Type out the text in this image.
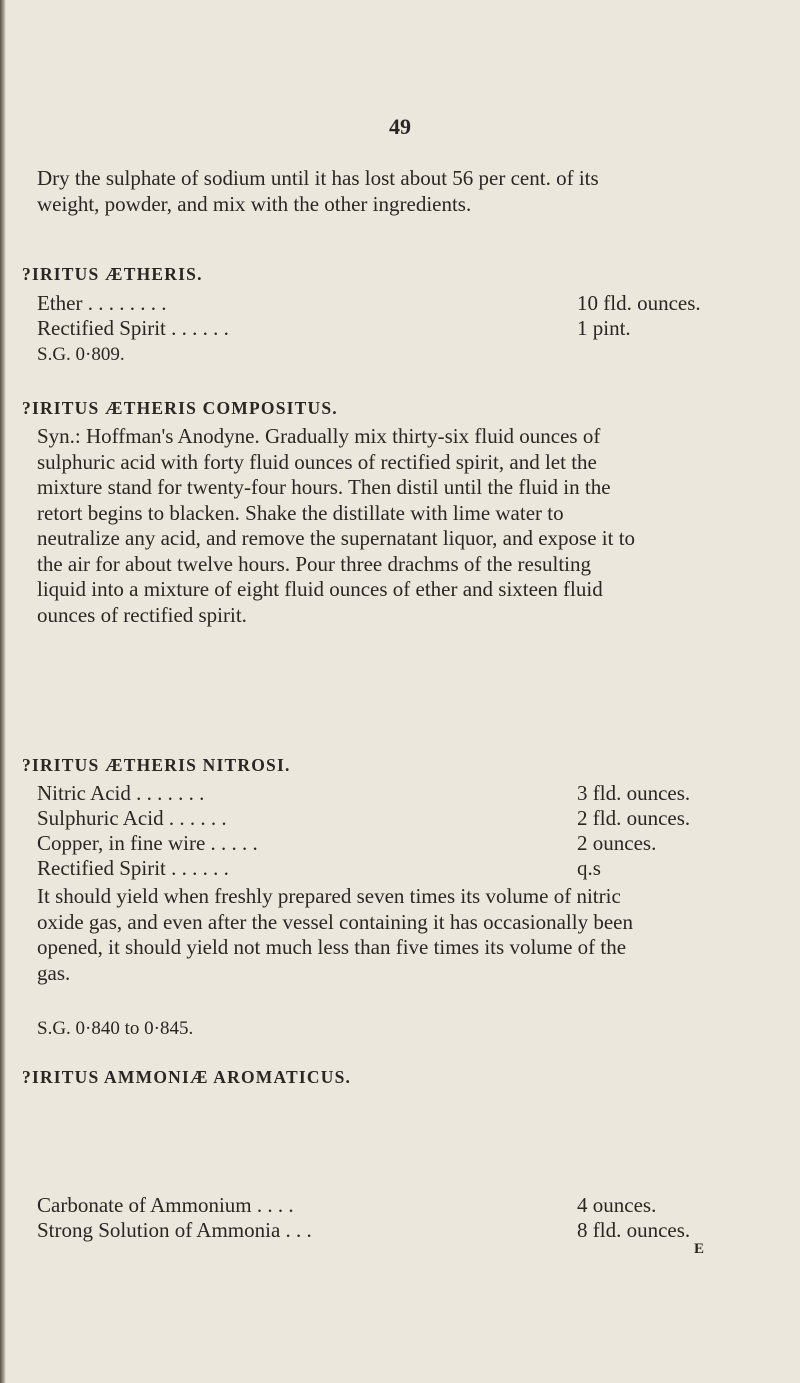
49

Dry the sulphate of sodium until it has lost about 56 per cent. of its weight, powder, and mix with the other ingredients.

?IRITUS ÆTHERIS.
Ether . . . . . . . .	10 fld. ounces.
Rectified Spirit . . . . . .	1 pint.
S.G. 0·809.
?IRITUS ÆTHERIS COMPOSITUS.

Syn.: Hoffman's Anodyne. Gradually mix thirty-six fluid ounces of sulphuric acid with forty fluid ounces of rectified spirit, and let the mixture stand for twenty-four hours. Then distil until the fluid in the retort begins to blacken. Shake the distillate with lime water to neutralize any acid, and remove the supernatant liquor, and expose it to the air for about twelve hours. Pour three drachms of the resulting liquid into a mixture of eight fluid ounces of ether and sixteen fluid ounces of rectified spirit.

?IRITUS ÆTHERIS NITROSI.
Nitric Acid . . . . . . .	3 fld. ounces.
Sulphuric Acid . . . . . .	2 fld. ounces.
Copper, in fine wire . . . . .	2 ounces.
Rectified Spirit . . . . . .	q.s

It should yield when freshly prepared seven times its volume of nitric oxide gas, and even after the vessel containing it has occasionally been opened, it should yield not much less than five times its volume of the gas.

S.G. 0·840 to 0·845.
?IRITUS AMMONIÆ AROMATICUS.
Carbonate of Ammonium . . . .	4 ounces.
Strong Solution of Ammonia . . .	8 fld. ounces.
E
